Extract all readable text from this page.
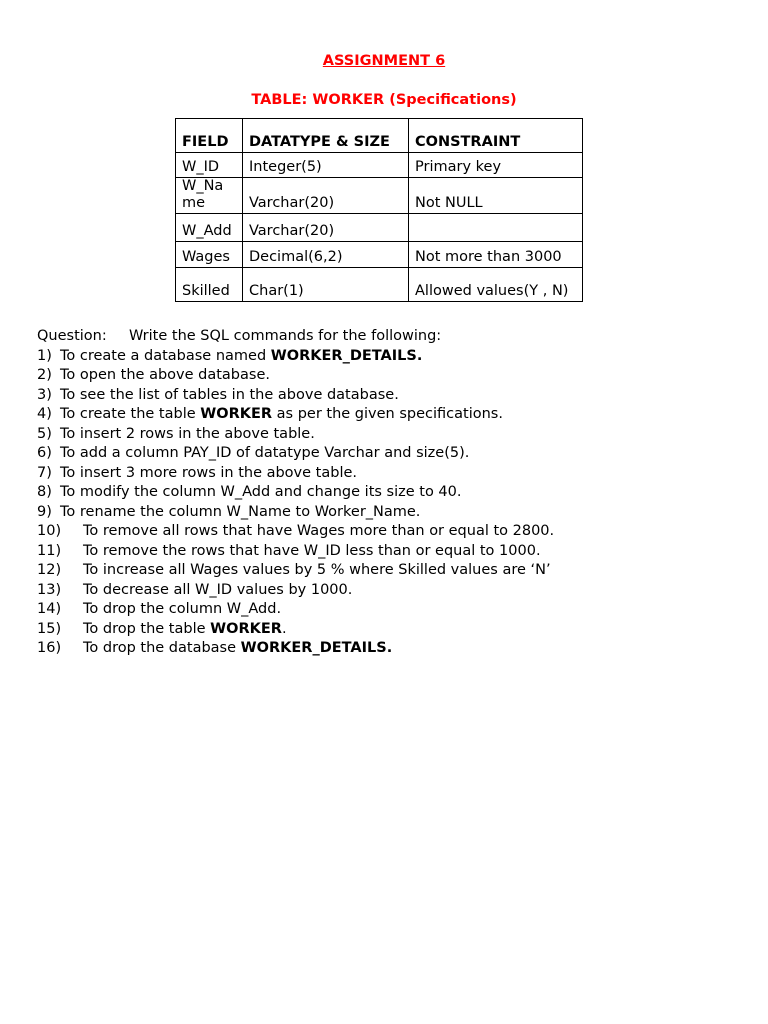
ASSIGNMENT 6
TABLE: WORKER (Specifications)
FIELD	DATATYPE & SIZE	CONSTRAINT
W_ID	Integer(5)	Primary key
W_Name	Varchar(20)	Not NULL
W_Add	Varchar(20)	
Wages	Decimal(6,2)	Not more than 3000
Skilled	Char(1)	Allowed values(Y , N)
Question: Write the SQL commands for the following:
1) To create a database named WORKER_DETAILS.
2) To open the above database.
3) To see the list of tables in the above database.
4) To create the table WORKER as per the given specifications.
5) To insert 2 rows in the above table.
6) To add a column PAY_ID of datatype Varchar and size(5).
7) To insert 3 more rows in the above table.
8) To modify the column W_Add and change its size to 40.
9) To rename the column W_Name to Worker_Name.
10) To remove all rows that have Wages more than or equal to 2800.
11) To remove the rows that have W_ID less than or equal to 1000.
12) To increase all Wages values by 5 % where Skilled values are ‘N’
13) To decrease all W_ID values by 1000.
14) To drop the column W_Add.
15) To drop the table WORKER.
16) To drop the database WORKER_DETAILS.
